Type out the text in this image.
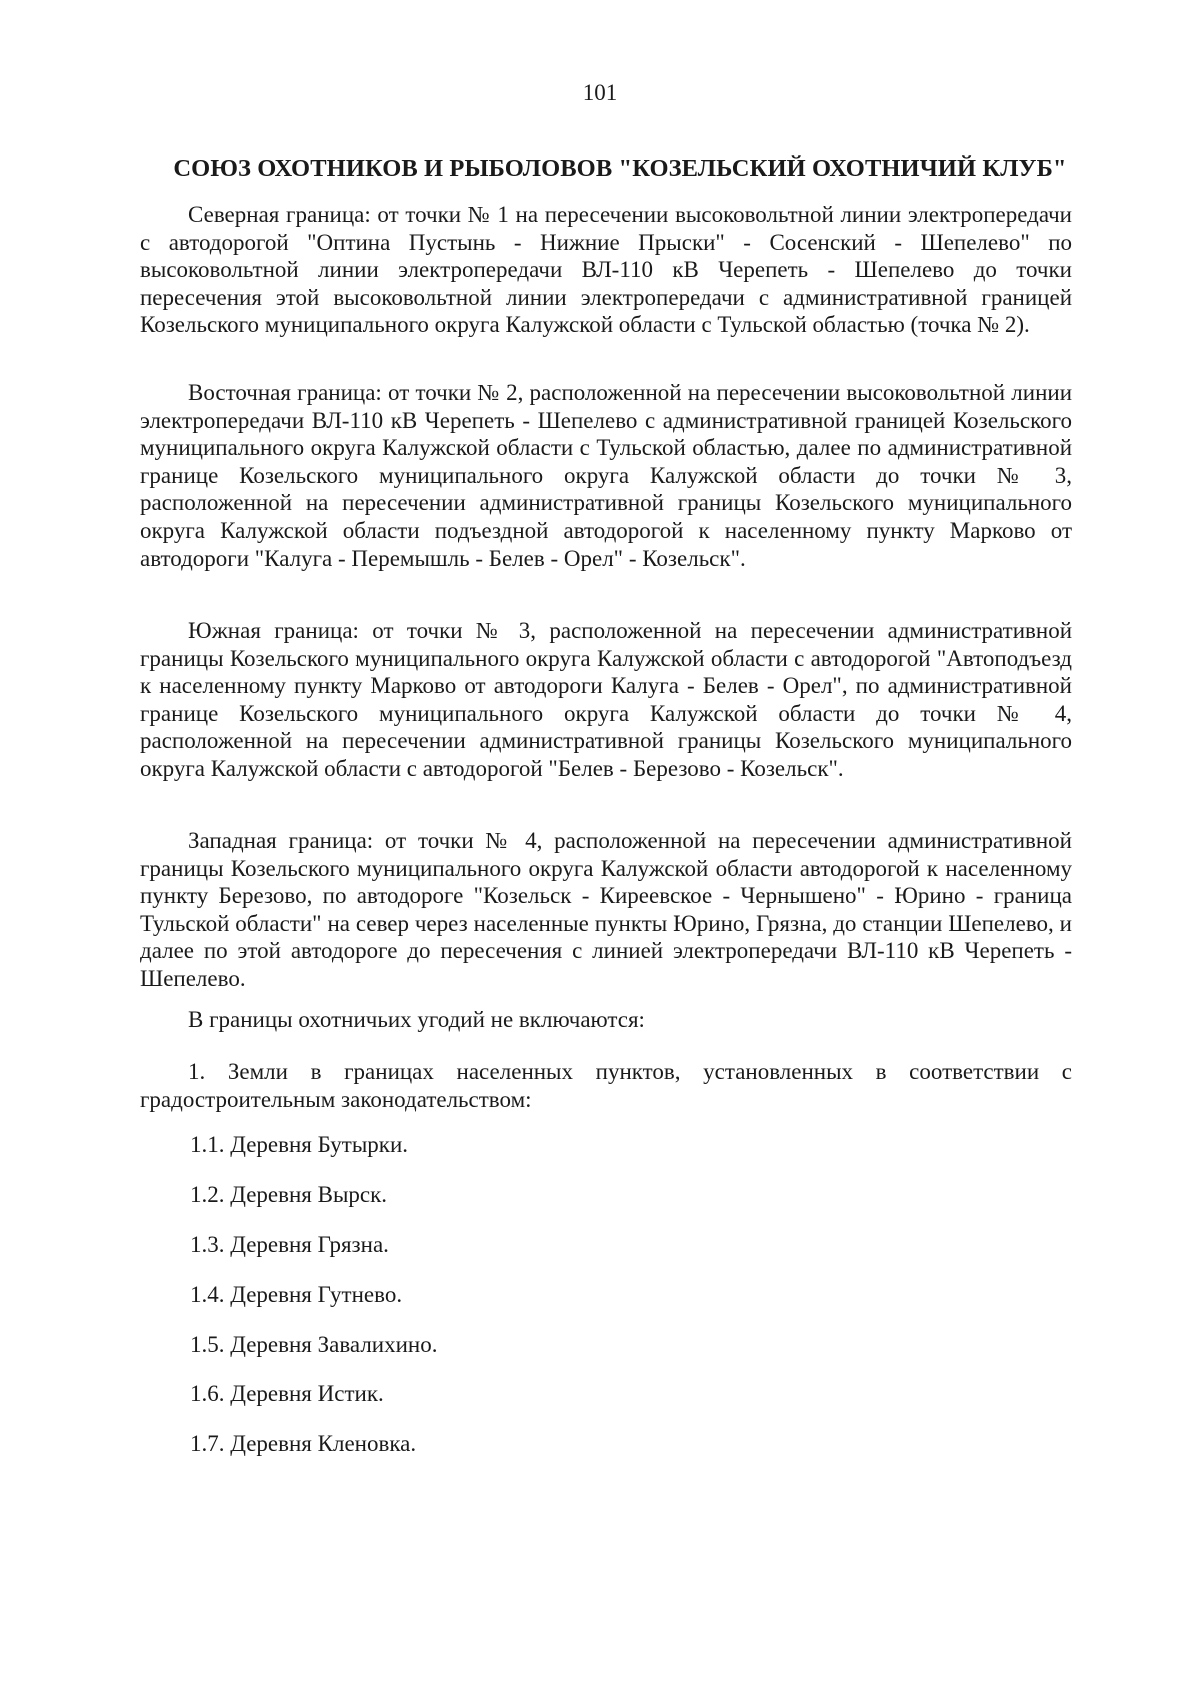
101
СОЮЗ ОХОТНИКОВ И РЫБОЛОВОВ "КОЗЕЛЬСКИЙ ОХОТНИЧИЙ КЛУБ"

Северная граница: от точки № 1 на пересечении высоковольтной линии электропередачи с автодорогой "Оптина Пустынь - Нижние Прыски" - Сосенский - Шепелево" по высоковольтной линии электропередачи ВЛ-110 кВ Черепеть - Шепелево до точки пересечения этой высоковольтной линии электропередачи с административной границей Козельского муниципального округа Калужской области с Тульской областью (точка № 2).

Восточная граница: от точки № 2, расположенной на пересечении высоковольтной линии электропередачи ВЛ-110 кВ Черепеть - Шепелево с административной границей Козельского муниципального округа Калужской области с Тульской областью, далее по административной границе Козельского муниципального округа Калужской области до точки № 3, расположенной на пересечении административной границы Козельского муниципального округа Калужской области подъездной автодорогой к населенному пункту Марково от автодороги "Калуга - Перемышль - Белев - Орел" - Козельск".

Южная граница: от точки № 3, расположенной на пересечении административной границы Козельского муниципального округа Калужской области с автодорогой "Автоподъезд к населенному пункту Марково от автодороги Калуга - Белев - Орел", по административной границе Козельского муниципального округа Калужской области до точки № 4, расположенной на пересечении административной границы Козельского муниципального округа Калужской области с автодорогой "Белев - Березово - Козельск".

Западная граница: от точки № 4, расположенной на пересечении административной границы Козельского муниципального округа Калужской области автодорогой к населенному пункту Березово, по автодороге "Козельск - Киреевское - Чернышено" - Юрино - граница Тульской области" на север через населенные пункты Юрино, Грязна, до станции Шепелево, и далее по этой автодороге до пересечения с линией электропередачи ВЛ-110 кВ Черепеть - Шепелево.

В границы охотничьих угодий не включаются:

1. Земли в границах населенных пунктов, установленных в соответствии с градостроительным законодательством:

1.1. Деревня Бутырки.

1.2. Деревня Вырск.

1.3. Деревня Грязна.

1.4. Деревня Гутнево.

1.5. Деревня Завалихино.

1.6. Деревня Истик.

1.7. Деревня Кленовка.
